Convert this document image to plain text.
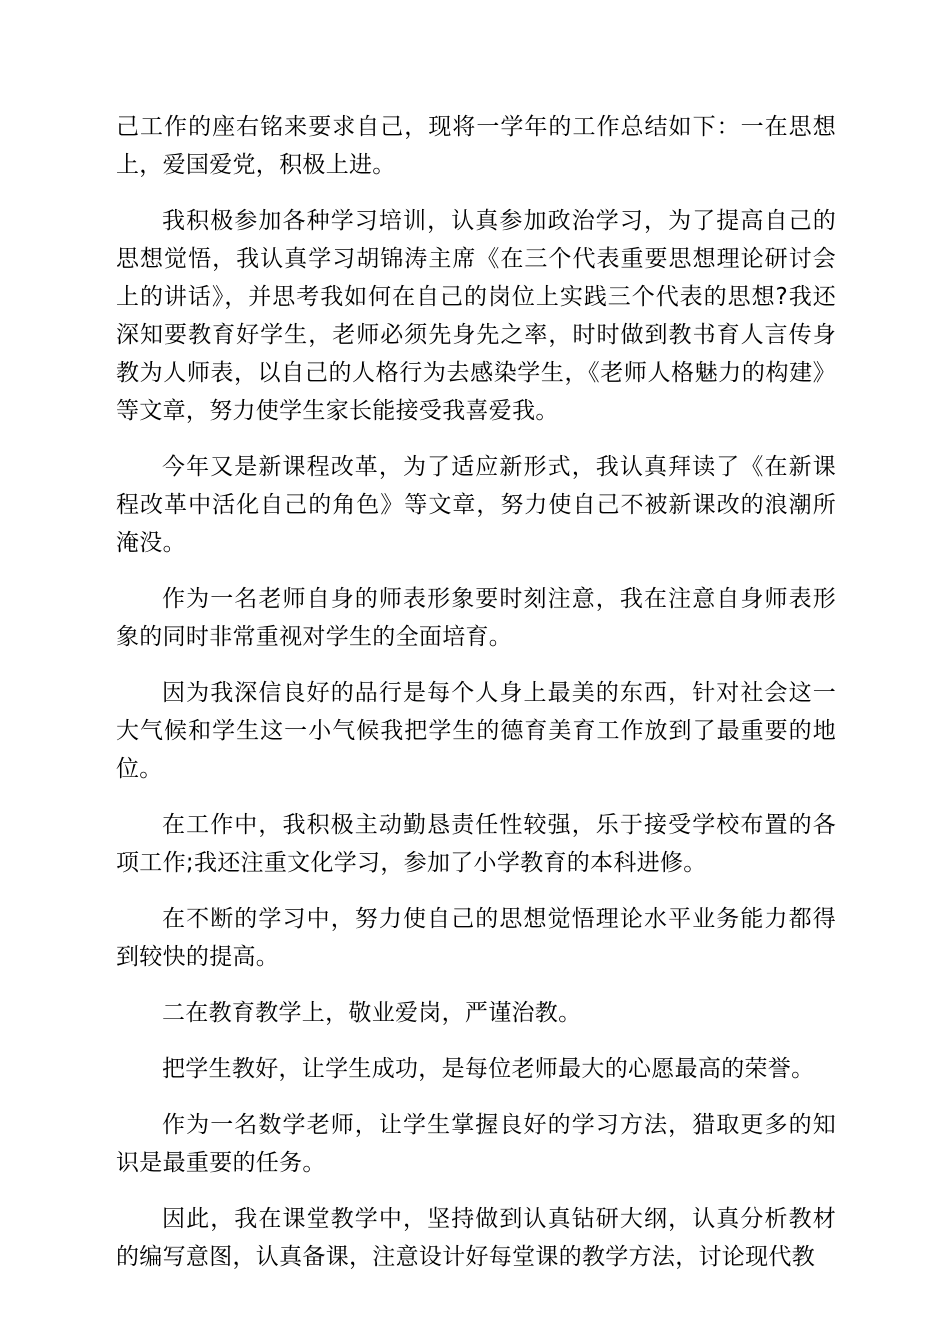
己工作的座右铭来要求自己，现将一学年的工作总结如下：一在思想上，爱国爱党，积极上进。

我积极参加各种学习培训，认真参加政治学习，为了提高自己的思想觉悟，我认真学习胡锦涛主席《在三个代表重要思想理论研讨会上的讲话》，并思考我如何在自己的岗位上实践三个代表的思想?我还深知要教育好学生，老师必须先身先之率，时时做到教书育人言传身教为人师表，以自己的人格行为去感染学生，《老师人格魅力的构建》等文章，努力使学生家长能接受我喜爱我。

今年又是新课程改革，为了适应新形式，我认真拜读了《在新课程改革中活化自己的角色》等文章，努力使自己不被新课改的浪潮所淹没。

作为一名老师自身的师表形象要时刻注意，我在注意自身师表形象的同时非常重视对学生的全面培育。

因为我深信良好的品行是每个人身上最美的东西，针对社会这一大气候和学生这一小气候我把学生的德育美育工作放到了最重要的地位。

在工作中，我积极主动勤恳责任性较强，乐于接受学校布置的各项工作;我还注重文化学习，参加了小学教育的本科进修。

在不断的学习中，努力使自己的思想觉悟理论水平业务能力都得到较快的提高。

二在教育教学上，敬业爱岗，严谨治教。

把学生教好，让学生成功，是每位老师最大的心愿最高的荣誉。

作为一名数学老师，让学生掌握良好的学习方法，猎取更多的知识是最重要的任务。

因此，我在课堂教学中，坚持做到认真钻研大纲，认真分析教材的编写意图，认真备课，注意设计好每堂课的教学方法，讨论现代教
